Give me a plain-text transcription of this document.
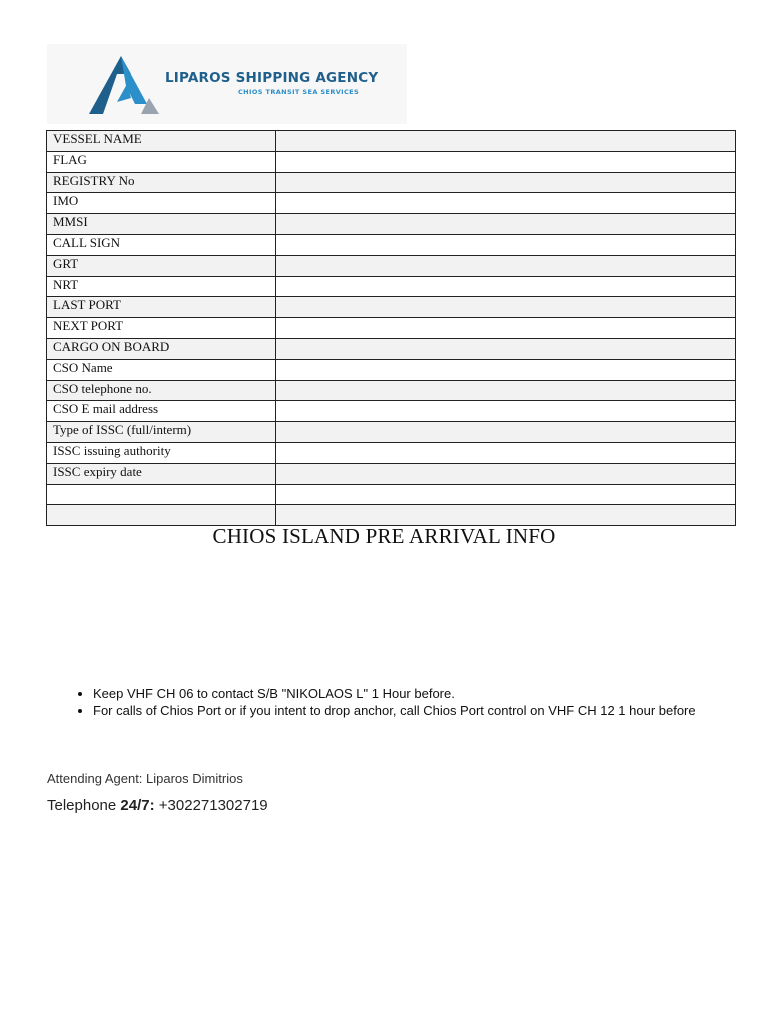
LIPAROS SHIPPING AGENCY
CHIOS TRANSIT SEA SERVICES
VESSEL NAME	
FLAG	
REGISTRY No	
IMO	
MMSI	
CALL SIGN	
GRT	
NRT	
LAST PORT	
NEXT PORT	
CARGO ON BOARD	
CSO Name	
CSO telephone no.	
CSO E mail address	
Type of ISSC (full/interm)	
ISSC issuing authority	
ISSC expiry date	

CHIOS ISLAND PRE ARRIVAL INFO
• Keep VHF CH 06 to contact S/B "NIKOLAOS L" 1 Hour before.
• For calls of Chios Port or if you intent to drop anchor, call Chios Port control on VHF CH 12 1 hour before
Attending Agent: Liparos Dimitrios
Telephone 24/7: +302271302719
